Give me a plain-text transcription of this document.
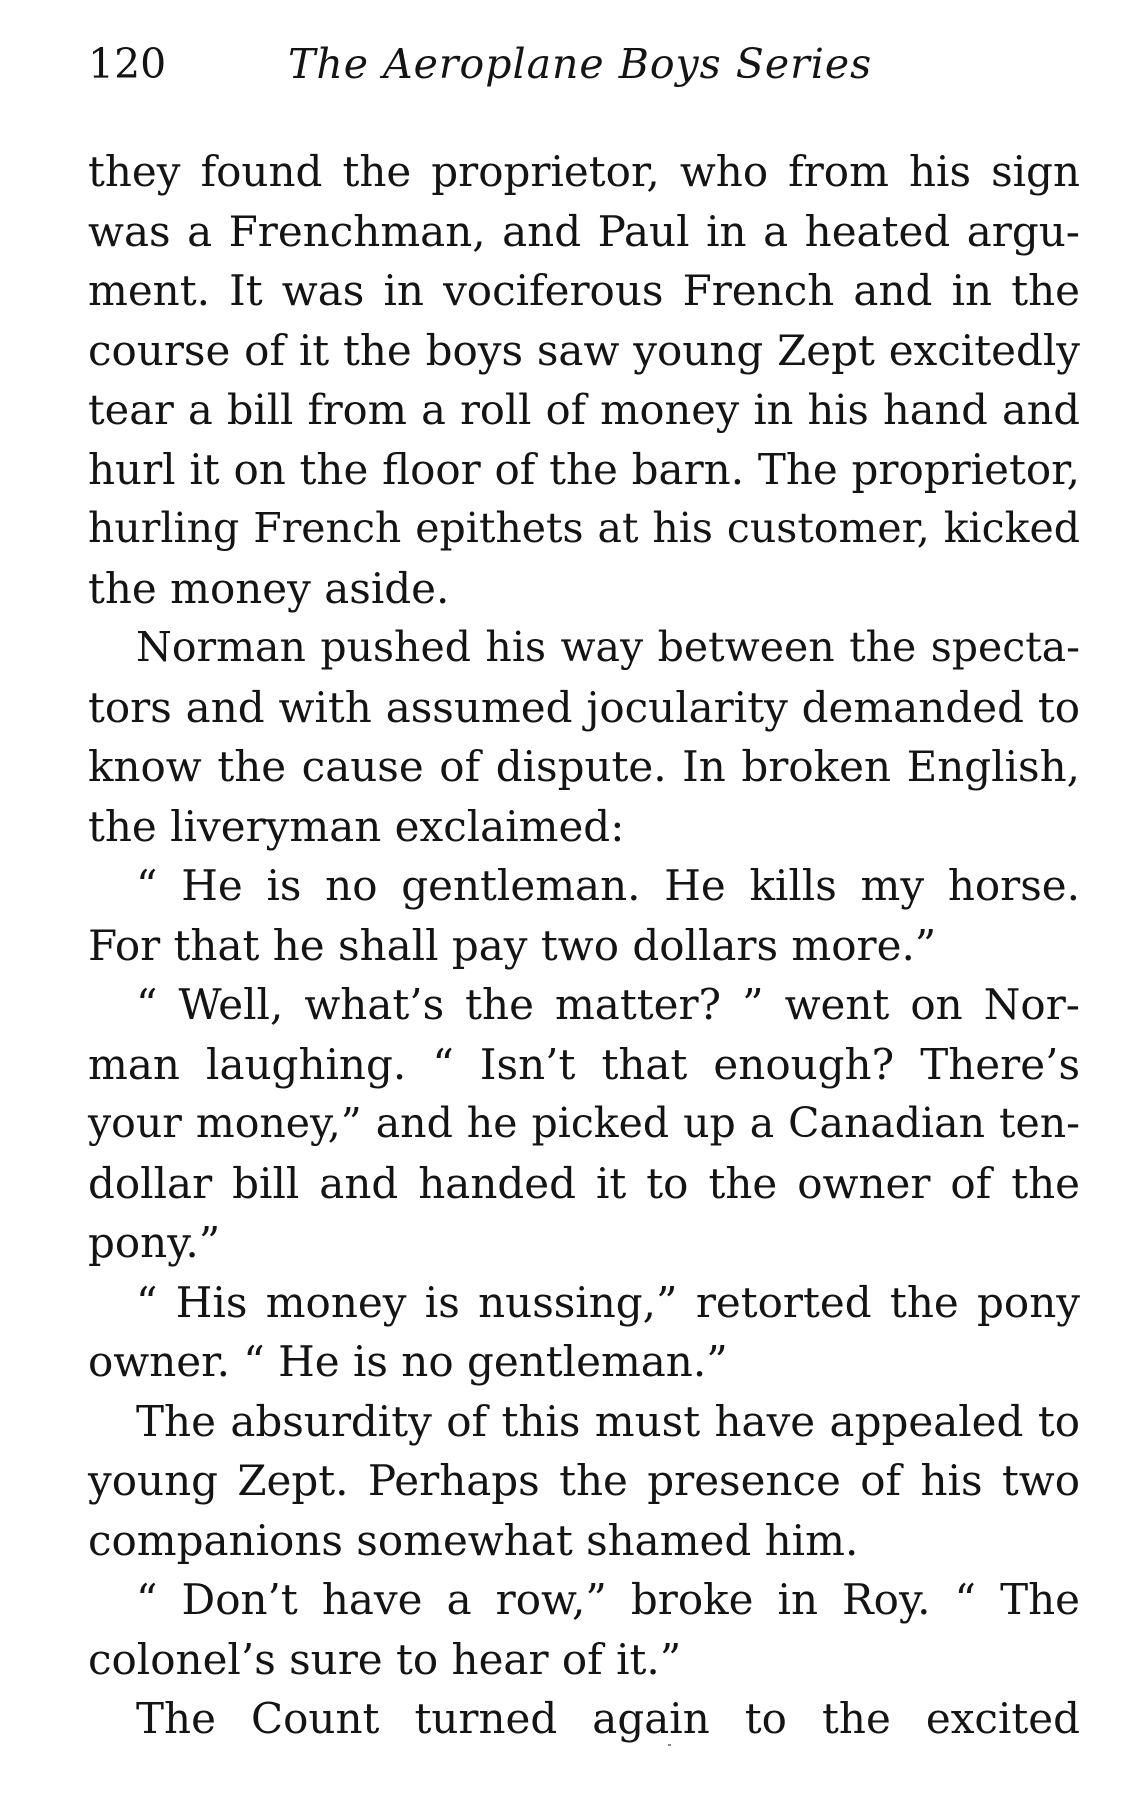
120	The Aeroplane Boys Series
they found the proprietor, who from his sign
was a Frenchman, and Paul in a heated argu-
ment. It was in vociferous French and in the
course of it the boys saw young Zept excitedly
tear a bill from a roll of money in his hand and
hurl it on the floor of the barn. The proprietor,
hurling French epithets at his customer, kicked
the money aside.
Norman pushed his way between the specta-
tors and with assumed jocularity demanded to
know the cause of dispute. In broken English,
the liveryman exclaimed:
“ He is no gentleman. He kills my horse.
For that he shall pay two dollars more.”
“ Well, what’s the matter? ” went on Nor-
man laughing. “ Isn’t that enough? There’s
your money,” and he picked up a Canadian ten-
dollar bill and handed it to the owner of the
pony.”
“ His money is nussing,” retorted the pony
owner. “ He is no gentleman.”
The absurdity of this must have appealed to
young Zept. Perhaps the presence of his two
companions somewhat shamed him.
“ Don’t have a row,” broke in Roy. “ The
colonel’s sure to hear of it.”
The Count turned again to the excited
